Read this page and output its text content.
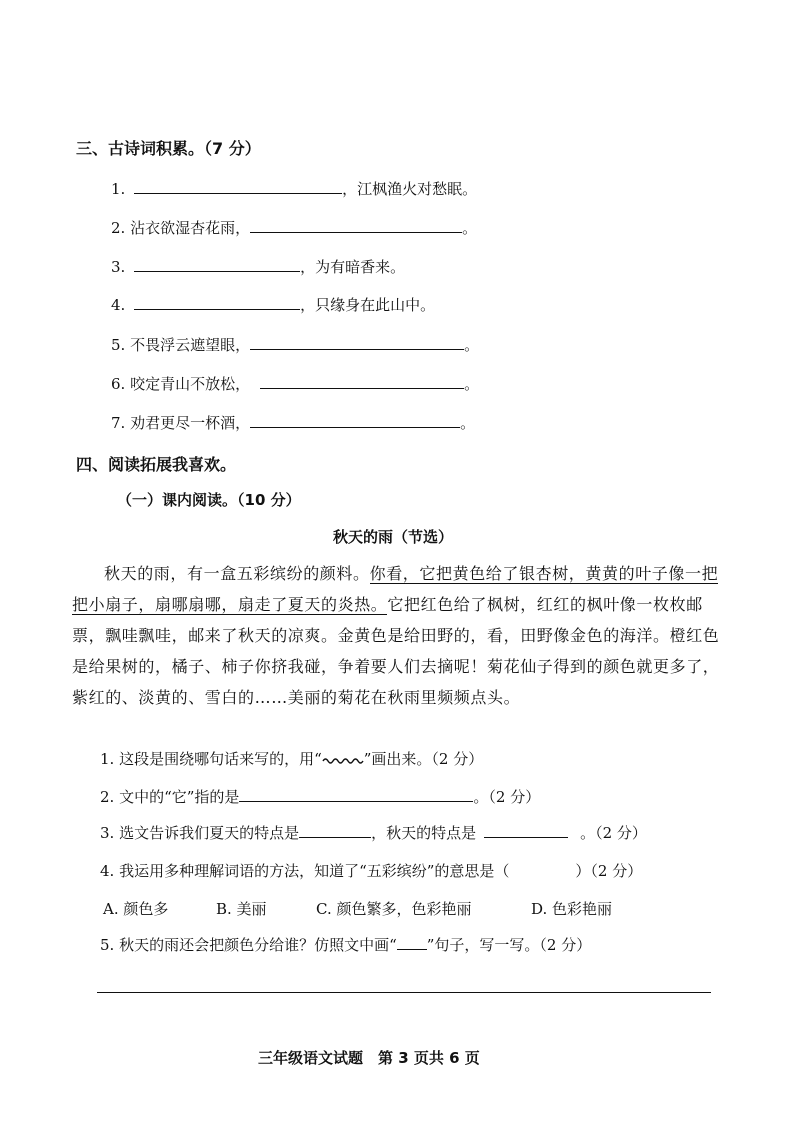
三、古诗词积累。（7 分）
1.	，江枫渔火对愁眠。
2. 沾衣欲湿杏花雨，	。
3.	，为有暗香来。
4.	，只缘身在此山中。
5. 不畏浮云遮望眼，	。
6. 咬定青山不放松，	。
7. 劝君更尽一杯酒，	。
四、阅读拓展我喜欢。
（一）课内阅读。（10 分）
秋天的雨（节选）
秋天的雨，有一盒五彩缤纷的颜料。你看，它把黄色给了银杏树，黄黄的叶子像一把把小扇子，扇哪扇哪，扇走了夏天的炎热。它把红色给了枫树，红红的枫叶像一枚枚邮票，飘哇飘哇，邮来了秋天的凉爽。金黄色是给田野的，看，田野像金色的海洋。橙红色是给果树的，橘子、柿子你挤我碰，争着要人们去摘呢！菊花仙子得到的颜色就更多了，紫红的、淡黄的、雪白的……美丽的菊花在秋雨里频频点头。
1. 这段是围绕哪句话来写的，用“	”画出来。（2 分）
2. 文中的“它”指的是	。（2 分）
3. 选文告诉我们夏天的特点是	，秋天的特点是	。（2 分）
4. 我运用多种理解词语的方法，知道了“五彩缤纷”的意思是（	）（2 分）
A. 颜色多	B. 美丽	C. 颜色繁多，色彩艳丽	D. 色彩艳丽
5. 秋天的雨还会把颜色分给谁？仿照文中画“ ”句子，写一写。（2 分）
三年级语文试题　第 3 页共 6 页
